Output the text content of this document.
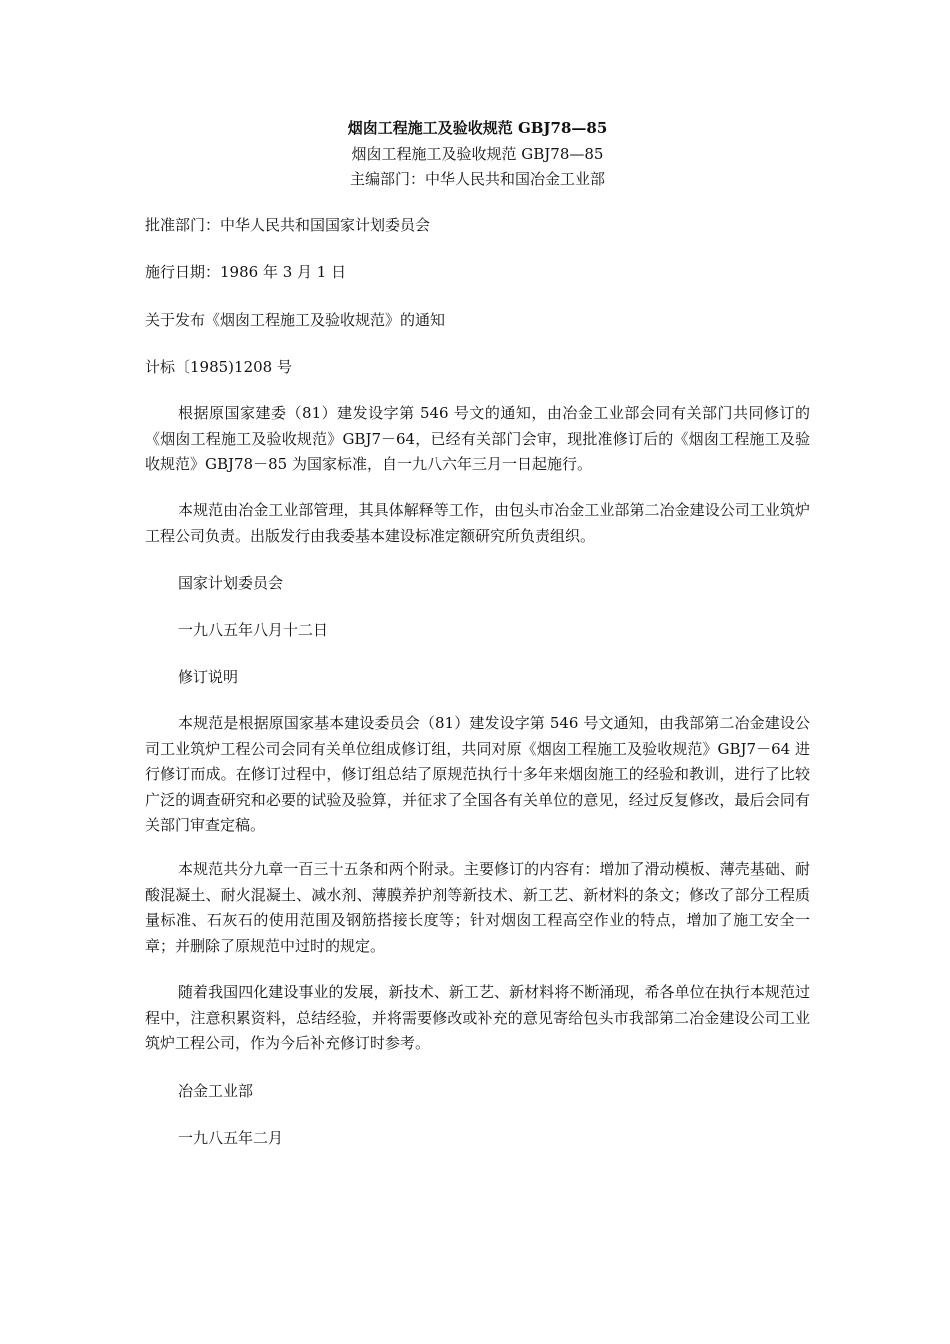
烟囱工程施工及验收规范 GBJ78—85
烟囱工程施工及验收规范 GBJ78—85
主编部门：中华人民共和国冶金工业部
批准部门：中华人民共和国国家计划委员会
施行日期：1986 年 3 月 1 日
关于发布《烟囱工程施工及验收规范》的通知
计标〔1985)1208 号
根据原国家建委（81）建发设字第 546 号文的通知，由冶金工业部会同有关部门共同修订的《烟囱工程施工及验收规范》GBJ7－64，已经有关部门会审，现批准修订后的《烟囱工程施工及验收规范》GBJ78－85 为国家标准，自一九八六年三月一日起施行。
本规范由冶金工业部管理，其具体解释等工作，由包头市冶金工业部第二冶金建设公司工业筑炉工程公司负责。出版发行由我委基本建设标准定额研究所负责组织。
国家计划委员会
一九八五年八月十二日
修订说明
本规范是根据原国家基本建设委员会（81）建发设字第 546 号文通知，由我部第二冶金建设公司工业筑炉工程公司会同有关单位组成修订组，共同对原《烟囱工程施工及验收规范》GBJ7－64 进行修订而成。在修订过程中，修订组总结了原规范执行十多年来烟囱施工的经验和教训，进行了比较广泛的调查研究和必要的试验及验算，并征求了全国各有关单位的意见，经过反复修改，最后会同有关部门审查定稿。
本规范共分九章一百三十五条和两个附录。主要修订的内容有：增加了滑动模板、薄壳基础、耐酸混凝土、耐火混凝土、减水剂、薄膜养护剂等新技术、新工艺、新材料的条文；修改了部分工程质量标准、石灰石的使用范围及钢筋搭接长度等；针对烟囱工程高空作业的特点，增加了施工安全一章；并删除了原规范中过时的规定。
随着我国四化建设事业的发展，新技术、新工艺、新材料将不断涌现，希各单位在执行本规范过程中，注意积累资料，总结经验，并将需要修改或补充的意见寄给包头市我部第二冶金建设公司工业筑炉工程公司，作为今后补充修订时参考。
冶金工业部
一九八五年二月
